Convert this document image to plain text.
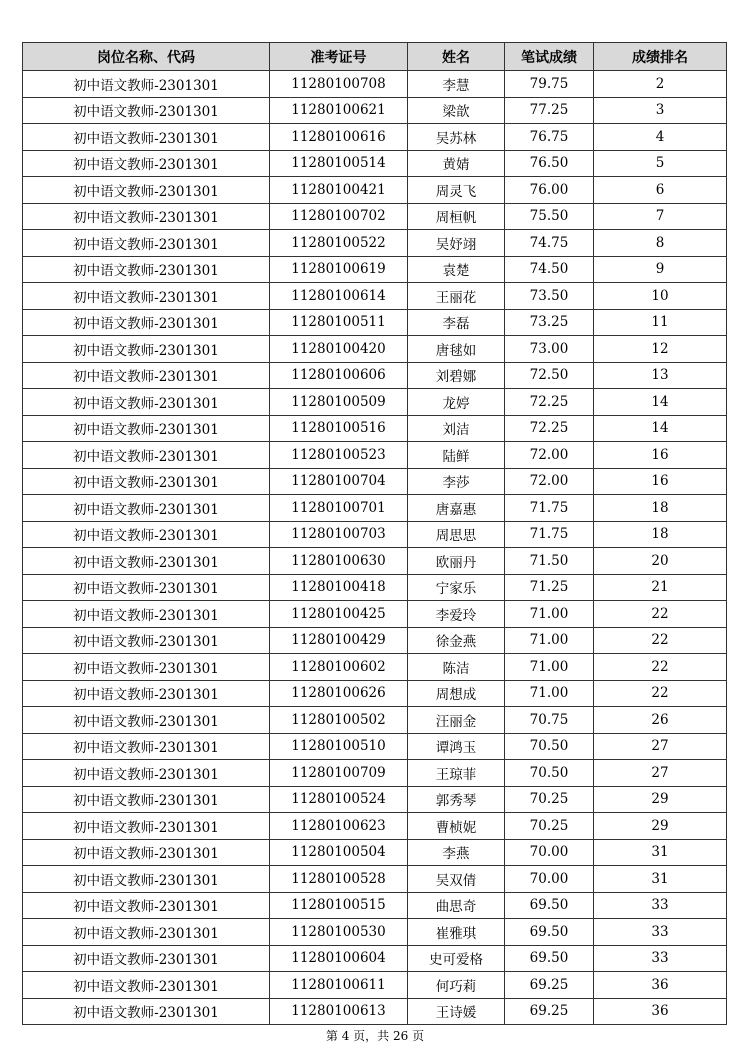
岗位名称、代码	准考证号	姓名	笔试成绩	成绩排名
初中语文教师-2301301	11280100708	李慧	79.75	2
初中语文教师-2301301	11280100621	梁歆	77.25	3
初中语文教师-2301301	11280100616	吴苏林	76.75	4
初中语文教师-2301301	11280100514	黄婧	76.50	5
初中语文教师-2301301	11280100421	周灵飞	76.00	6
初中语文教师-2301301	11280100702	周桓帆	75.50	7
初中语文教师-2301301	11280100522	吴妤翊	74.75	8
初中语文教师-2301301	11280100619	袁楚	74.50	9
初中语文教师-2301301	11280100614	王丽花	73.50	10
初中语文教师-2301301	11280100511	李磊	73.25	11
初中语文教师-2301301	11280100420	唐毬如	73.00	12
初中语文教师-2301301	11280100606	刘碧娜	72.50	13
初中语文教师-2301301	11280100509	龙婷	72.25	14
初中语文教师-2301301	11280100516	刘洁	72.25	14
初中语文教师-2301301	11280100523	陆鲜	72.00	16
初中语文教师-2301301	11280100704	李莎	72.00	16
初中语文教师-2301301	11280100701	唐嘉惠	71.75	18
初中语文教师-2301301	11280100703	周思思	71.75	18
初中语文教师-2301301	11280100630	欧丽丹	71.50	20
初中语文教师-2301301	11280100418	宁家乐	71.25	21
初中语文教师-2301301	11280100425	李爱玲	71.00	22
初中语文教师-2301301	11280100429	徐金燕	71.00	22
初中语文教师-2301301	11280100602	陈洁	71.00	22
初中语文教师-2301301	11280100626	周想成	71.00	22
初中语文教师-2301301	11280100502	汪丽金	70.75	26
初中语文教师-2301301	11280100510	谭鸿玉	70.50	27
初中语文教师-2301301	11280100709	王琼菲	70.50	27
初中语文教师-2301301	11280100524	郭秀琴	70.25	29
初中语文教师-2301301	11280100623	曹桢妮	70.25	29
初中语文教师-2301301	11280100504	李燕	70.00	31
初中语文教师-2301301	11280100528	吴双倩	70.00	31
初中语文教师-2301301	11280100515	曲思奇	69.50	33
初中语文教师-2301301	11280100530	崔雅琪	69.50	33
初中语文教师-2301301	11280100604	史可爱格	69.50	33
初中语文教师-2301301	11280100611	何巧莉	69.25	36
初中语文教师-2301301	11280100613	王诗媛	69.25	36
第 4 页，共 26 页
